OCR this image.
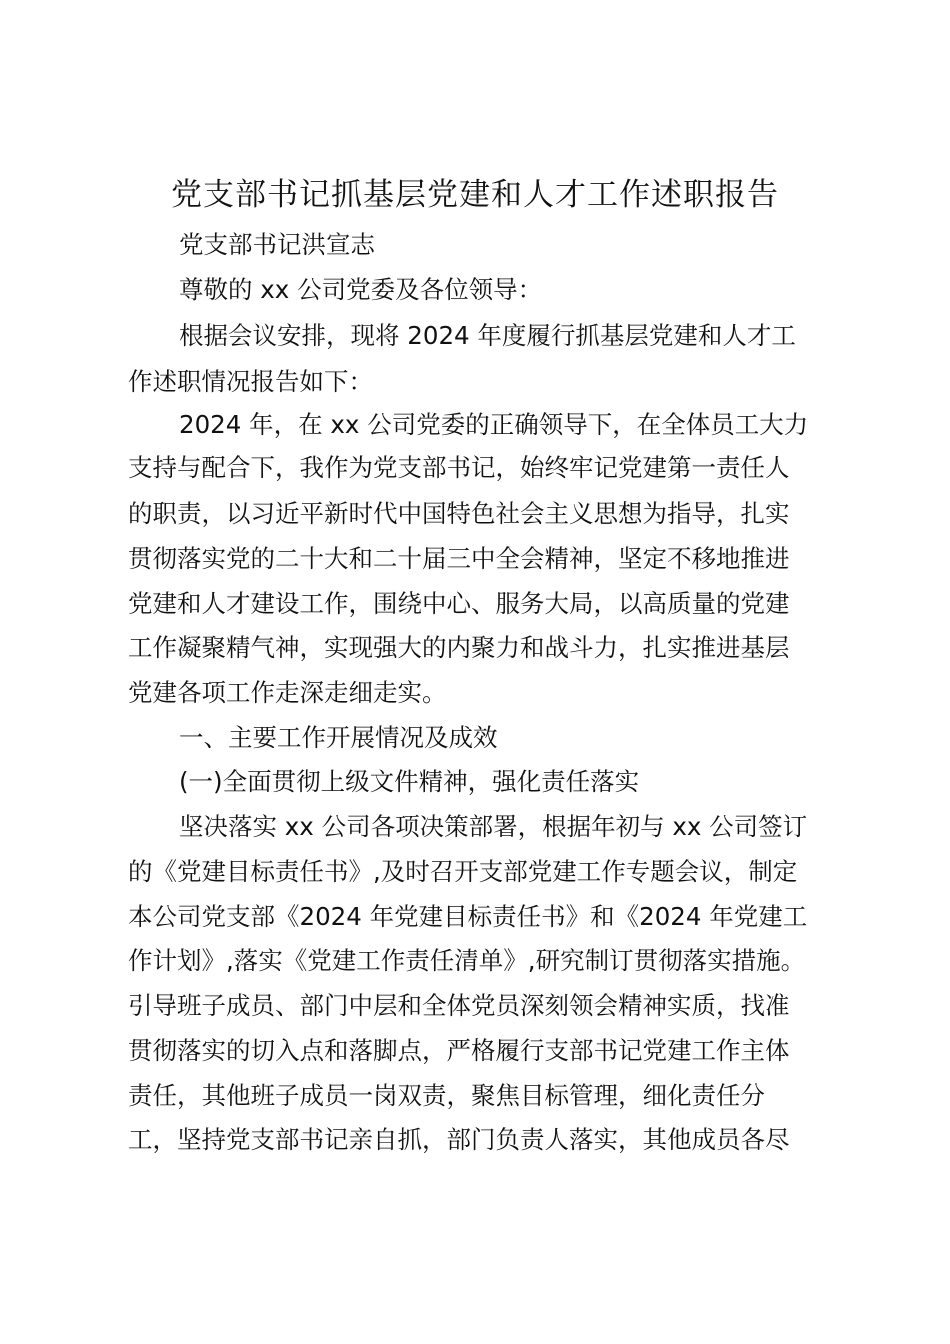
党支部书记抓基层党建和人才工作述职报告
党支部书记洪宣志
尊敬的 xx 公司党委及各位领导：
根据会议安排，现将 2024 年度履行抓基层党建和人才工
作述职情况报告如下：
2024 年，在 xx 公司党委的正确领导下，在全体员工大力
支持与配合下，我作为党支部书记，始终牢记党建第一责任人
的职责，以习近平新时代中国特色社会主义思想为指导，扎实
贯彻落实党的二十大和二十届三中全会精神，坚定不移地推进
党建和人才建设工作，围绕中心、服务大局，以高质量的党建
工作凝聚精气神，实现强大的内聚力和战斗力，扎实推进基层
党建各项工作走深走细走实。
一、主要工作开展情况及成效
(一)全面贯彻上级文件精神，强化责任落实
坚决落实 xx 公司各项决策部署，根据年初与 xx 公司签订
的《党建目标责任书》,及时召开支部党建工作专题会议，制定
本公司党支部《2024 年党建目标责任书》和《2024 年党建工
作计划》,落实《党建工作责任清单》,研究制订贯彻落实措施。
引导班子成员、部门中层和全体党员深刻领会精神实质，找准
贯彻落实的切入点和落脚点，严格履行支部书记党建工作主体
责任，其他班子成员一岗双责，聚焦目标管理，细化责任分
工，坚持党支部书记亲自抓，部门负责人落实，其他成员各尽
